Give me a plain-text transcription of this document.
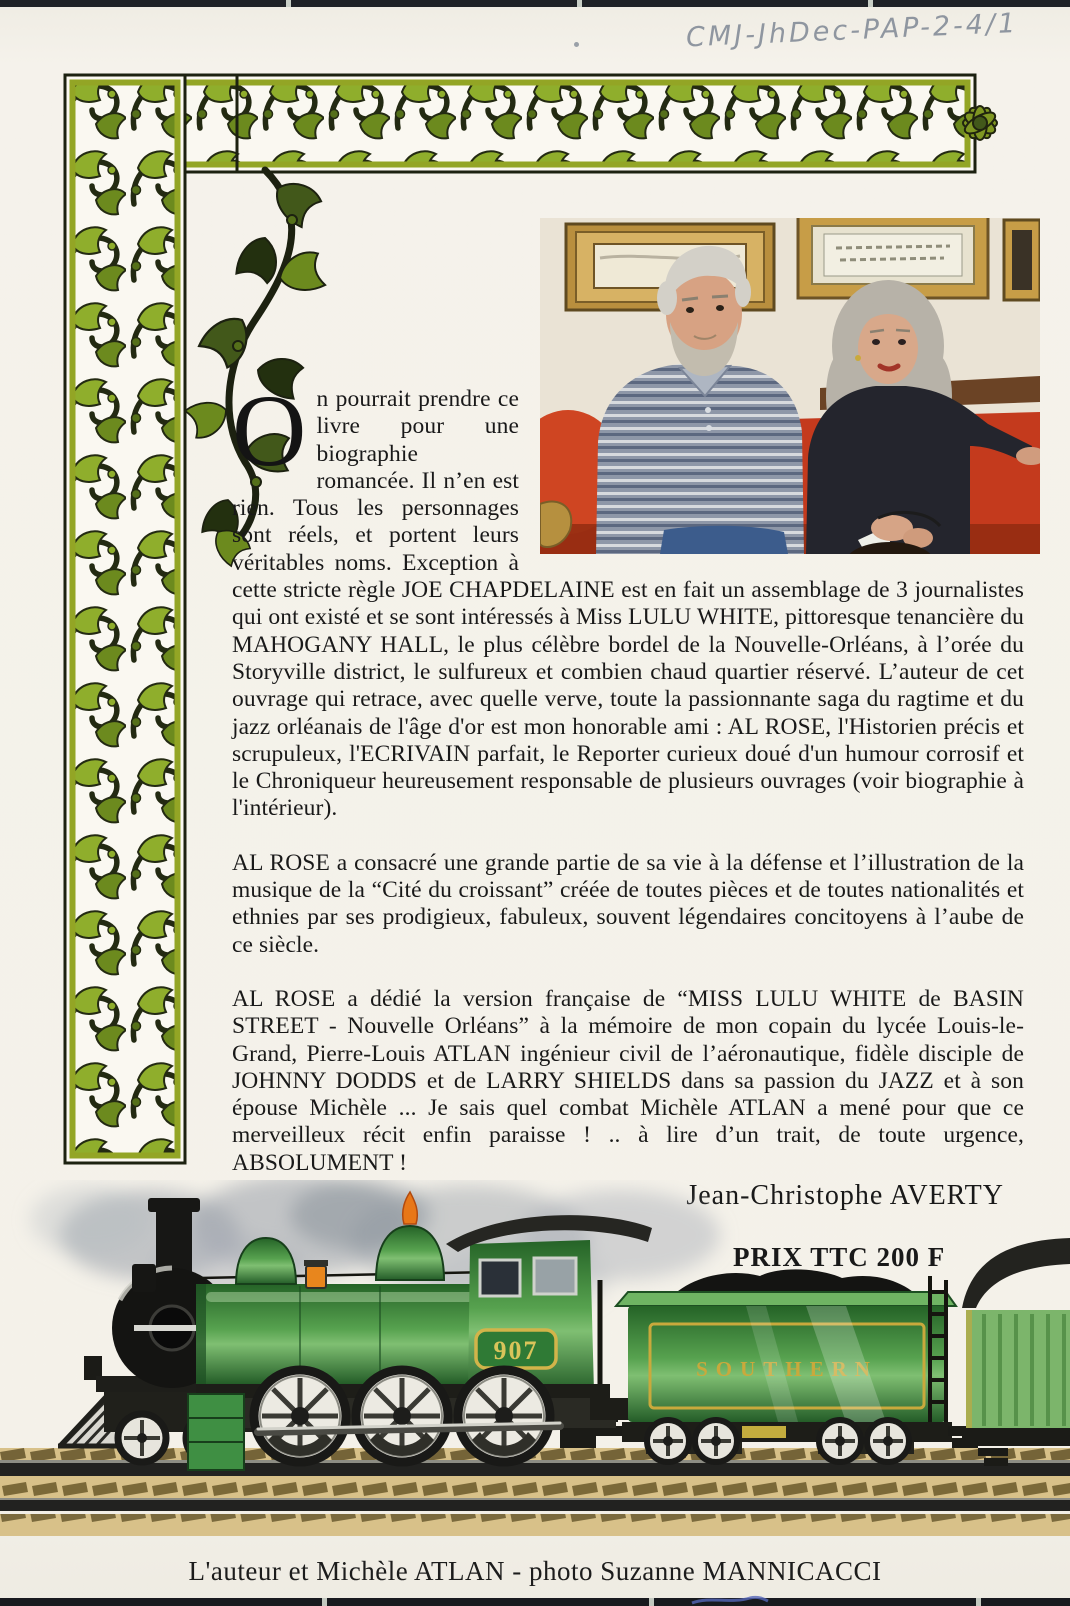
CMJ-JhDec-PAP-2-4/1

O n pourrait prendre ce livre pour une biographie romancée. Il n’en est rien. Tous les personnages sont réels, et portent leurs véritables noms. Exception à cette stricte règle JOE CHAPDELAINE est en fait un assemblage de 3 journalistes qui ont existé et se sont intéressés à Miss LULU WHITE, pittoresque tenancière du MAHOGANY HALL, le plus célèbre bordel de la Nouvelle-Orléans, à l’orée du Storyville district, le sulfureux et combien chaud quartier réservé. L’auteur de cet ouvrage qui retrace, avec quelle verve, toute la passionnante saga du ragtime et du jazz orléanais de l'âge d'or est mon honorable ami : AL ROSE, l'Historien précis et scrupuleux, l'ECRIVAIN parfait, le Reporter curieux doué d'un humour corrosif et le Chroniqueur heureusement responsable de plusieurs ouvrages (voir biographie à l'intérieur).

AL ROSE a consacré une grande partie de sa vie à la défense et l’illustration de la musique de la “Cité du croissant” créée de toutes pièces et de toutes nationalités et ethnies par ses prodigieux, fabuleux, souvent légendaires concitoyens à l’aube de ce siècle.

AL ROSE a dédié la version française de “MISS LULU WHITE de BASIN STREET - Nouvelle Orléans” à la mémoire de mon copain du lycée Louis-le-Grand, Pierre-Louis ATLAN ingénieur civil de l’aéronautique, fidèle disciple de JOHNNY DODDS et de LARRY SHIELDS dans sa passion du JAZZ et à son épouse Michèle ... Je sais quel combat Michèle ATLAN a mené pour que ce merveilleux récit enfin paraisse ! .. à lire d’un trait, de toute urgence, ABSOLUMENT !

Jean-Christophe AVERTY
PRIX TTC 200 F
907
SOUTHERN
L'auteur et Michèle ATLAN - photo Suzanne MANNICACCI
